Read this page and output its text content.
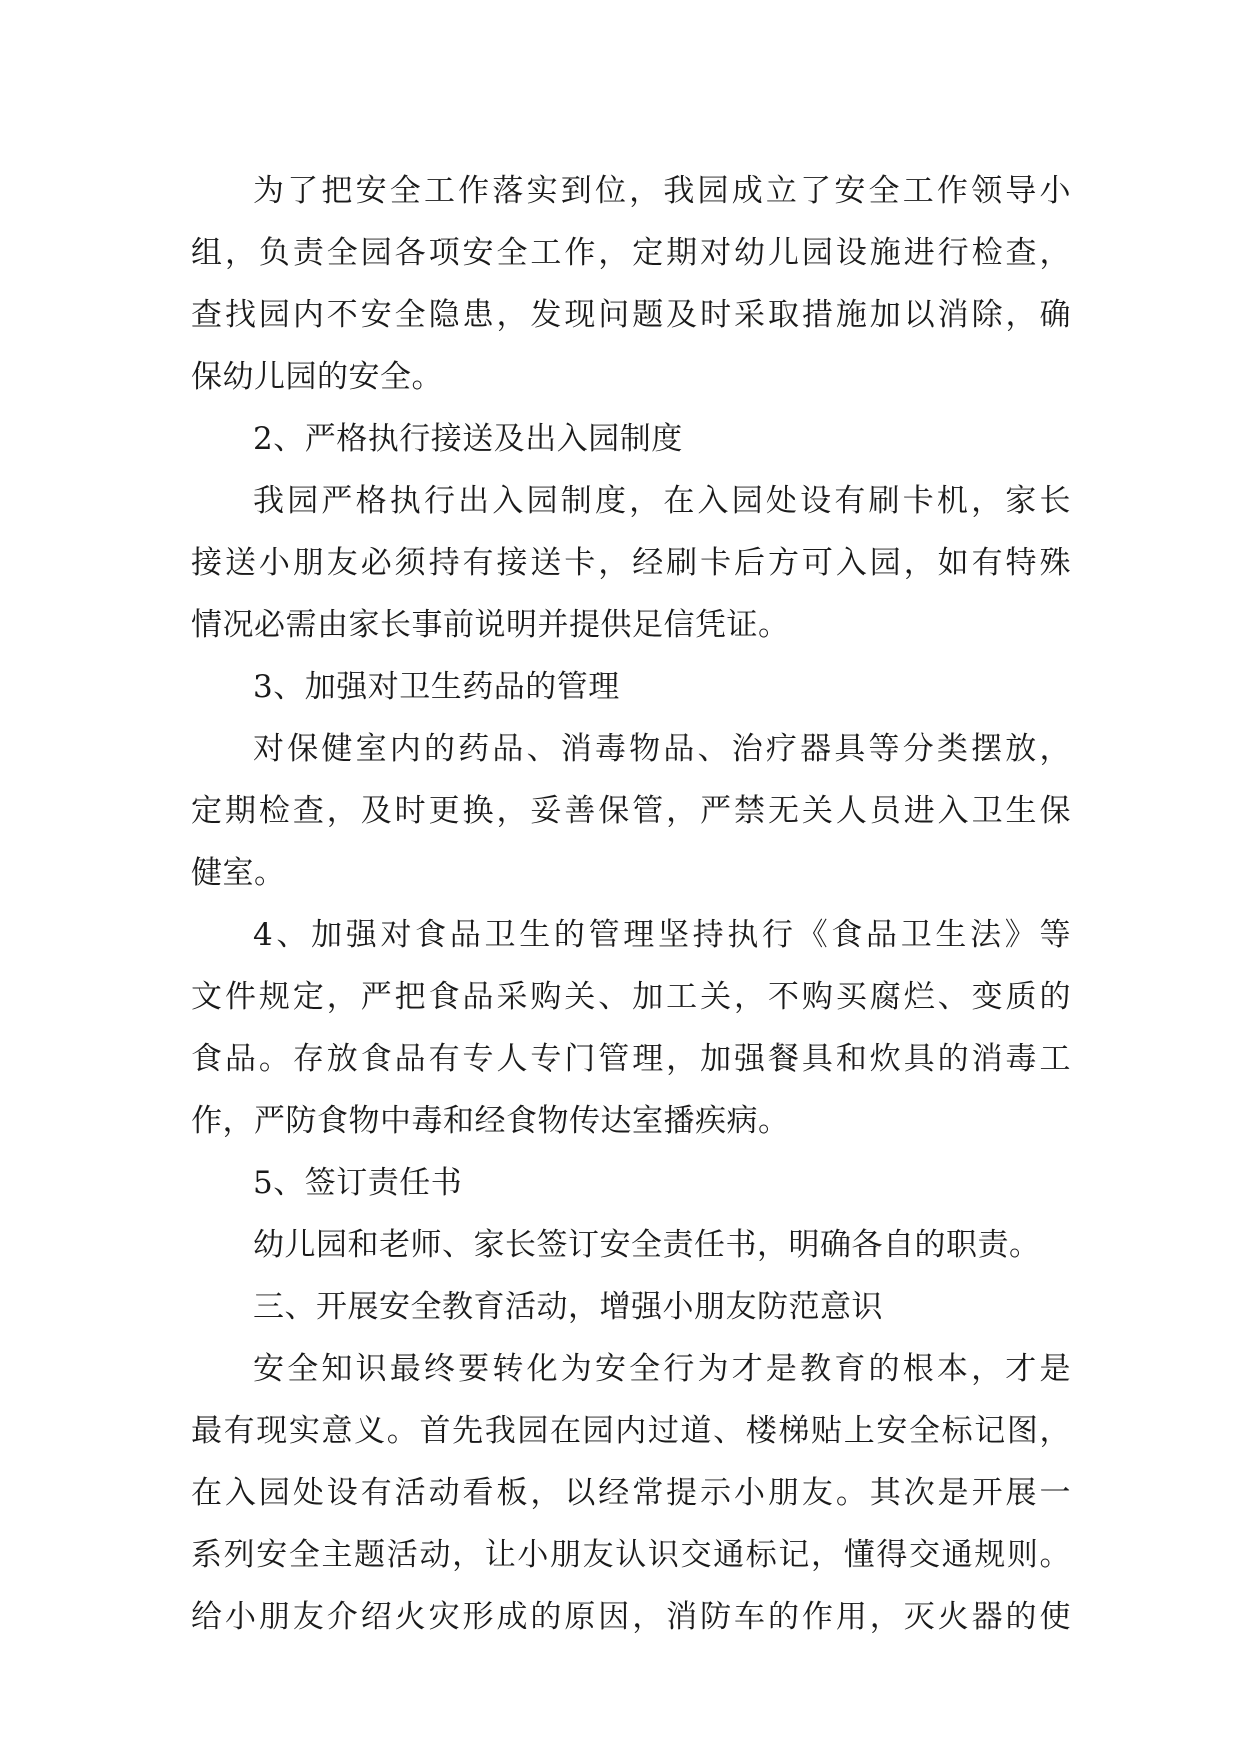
为了把安全工作落实到位，我园成立了安全工作领导小
组，负责全园各项安全工作，定期对幼儿园设施进行检查，
查找园内不安全隐患，发现问题及时采取措施加以消除，确
保幼儿园的安全。
2、严格执行接送及出入园制度
我园严格执行出入园制度，在入园处设有刷卡机，家长
接送小朋友必须持有接送卡，经刷卡后方可入园，如有特殊
情况必需由家长事前说明并提供足信凭证。
3、加强对卫生药品的管理
对保健室内的药品、消毒物品、治疗器具等分类摆放，
定期检查，及时更换，妥善保管，严禁无关人员进入卫生保
健室。
4、加强对食品卫生的管理坚持执行《食品卫生法》等
文件规定，严把食品采购关、加工关，不购买腐烂、变质的
食品。存放食品有专人专门管理，加强餐具和炊具的消毒工
作，严防食物中毒和经食物传达室播疾病。
5、签订责任书
幼儿园和老师、家长签订安全责任书，明确各自的职责。
三、开展安全教育活动，增强小朋友防范意识
安全知识最终要转化为安全行为才是教育的根本，才是
最有现实意义。首先我园在园内过道、楼梯贴上安全标记图，
在入园处设有活动看板，以经常提示小朋友。其次是开展一
系列安全主题活动，让小朋友认识交通标记，懂得交通规则。
给小朋友介绍火灾形成的原因，消防车的作用，灭火器的使
